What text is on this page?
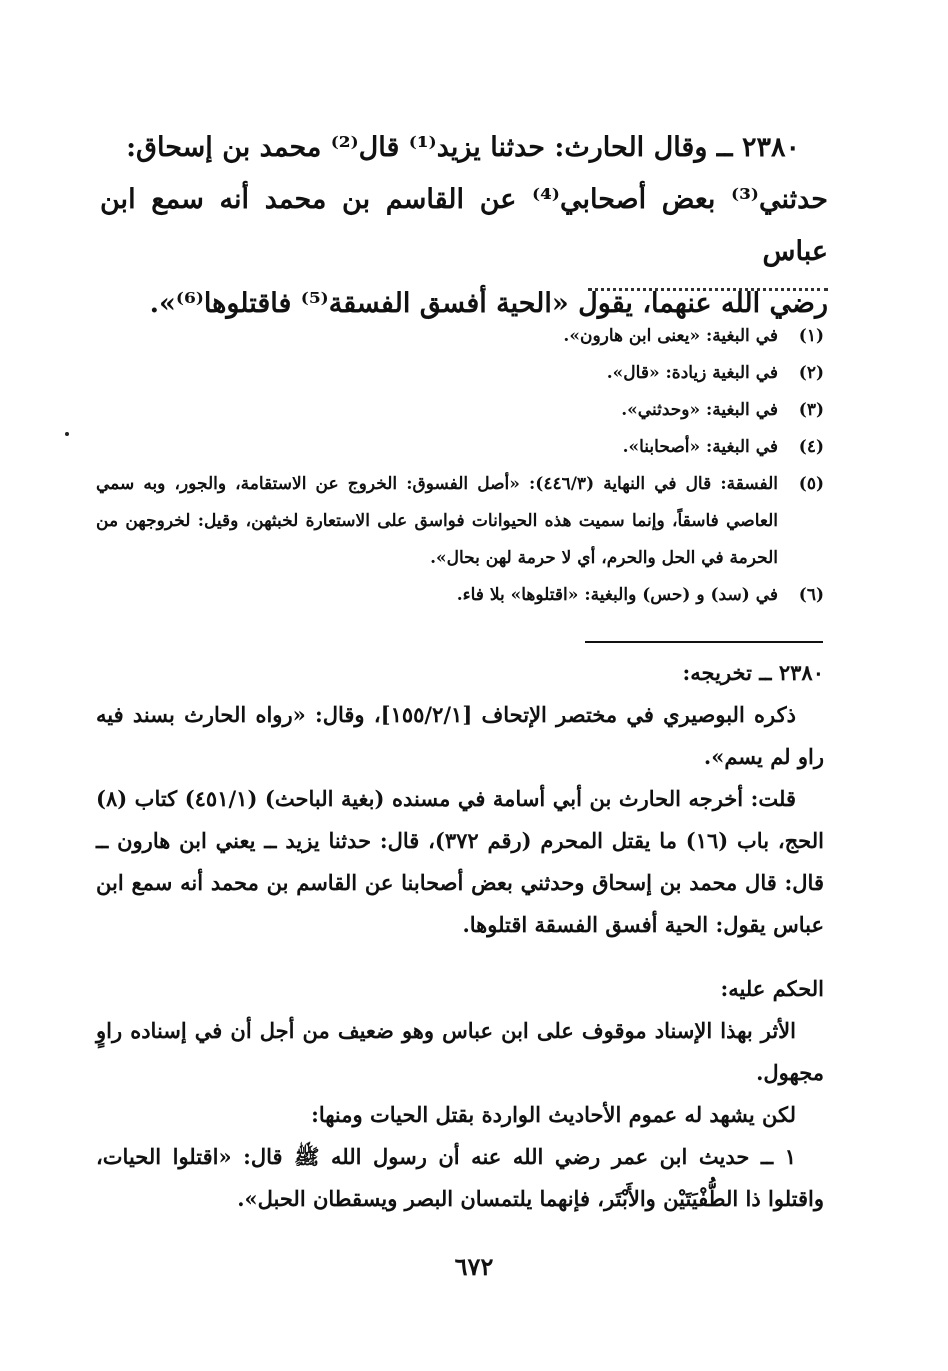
٢٣٨٠ ــ وقال الحارث: حدثنا يزيد⁽¹⁾ قال⁽²⁾ محمد بن إسحاق:

حدثني⁽³⁾ بعض أصحابي⁽⁴⁾ عن القاسم بن محمد أنه سمع ابن عباس

رضي الله عنهما، يقول «الحية أفسق الفسقة⁽⁵⁾ فاقتلوها⁽⁶⁾».

(١)
في البغية: «يعنى ابن هارون».
(٢)
في البغية زيادة: «قال».
(٣)
في البغية: «وحدثني».
(٤)
في البغية: «أصحابنا».
(٥)
الفسقة: قال في النهاية (٤٤٦/٣): «أصل الفسوق: الخروج عن الاستقامة، والجور، وبه سمي العاصي فاسقاً، وإنما سميت هذه الحيوانات فواسق على الاستعارة لخبثهن، وقيل: لخروجهن من الحرمة في الحل والحرم، أي لا حرمة لهن بحال».
(٦)
في (سد) و (حس) والبغية: «اقتلوها» بلا فاء.

٢٣٨٠ ــ تخريجه:

ذكره البوصيري في مختصر الإتحاف [١٥٥/٢/١]، وقال: «رواه الحارث بسند فيه راو لم يسم».

قلت: أخرجه الحارث بن أبي أسامة في مسنده (بغية الباحث) (٤٥١/١) كتاب (٨) الحج، باب (١٦) ما يقتل المحرم (رقم ٣٧٢)، قال: حدثنا يزيد ــ يعني ابن هارون ــ قال: قال محمد بن إسحاق وحدثني بعض أصحابنا عن القاسم بن محمد أنه سمع ابن عباس يقول: الحية أفسق الفسقة اقتلوها.

الحكم عليه:

الأثر بهذا الإسناد موقوف على ابن عباس وهو ضعيف من أجل أن في إسناده راوٍ مجهول.

لكن يشهد له عموم الأحاديث الواردة بقتل الحيات ومنها:

١ ــ حديث ابن عمر رضي الله عنه أن رسول الله ﷺ قال: «اقتلوا الحيات، واقتلوا ذا الطُّفْيَتَيْن والأَبْتَر، فإنهما يلتمسان البصر ويسقطان الحبل».

٦٧٢
